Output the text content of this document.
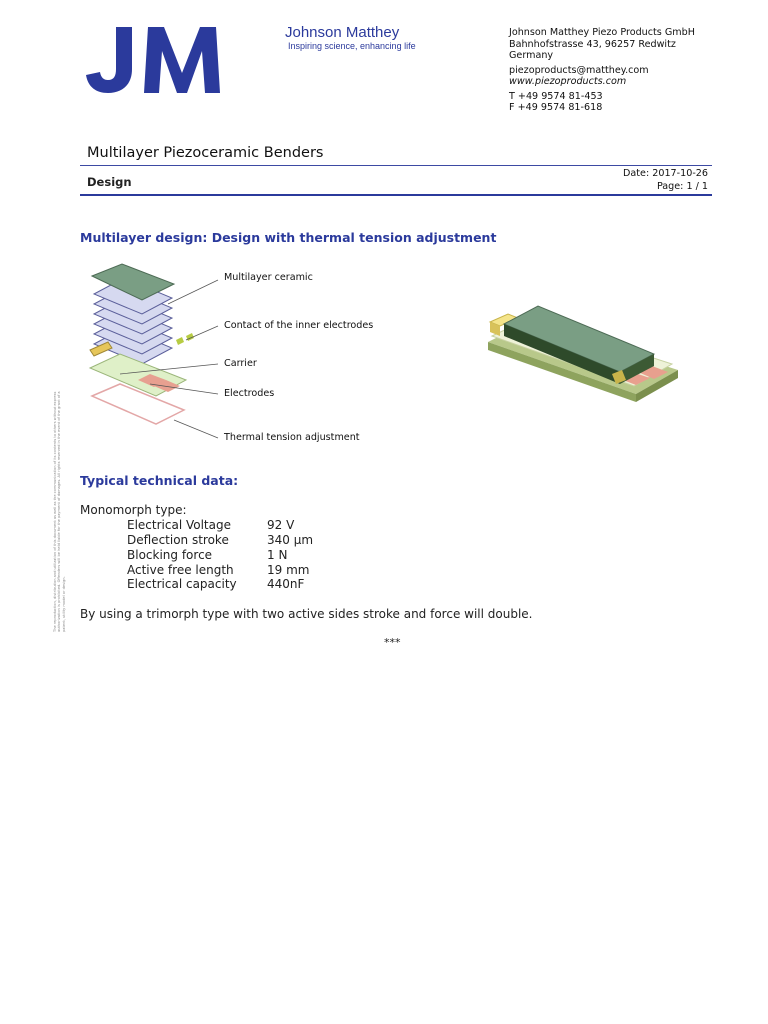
Johnson Matthey
Inspiring science, enhancing life
Johnson Matthey Piezo Products GmbH
Bahnhofstrasse 43, 96257 Redwitz
Germany
piezoproducts@matthey.com
www.piezoproducts.com
T +49 9574 81-453
F +49 9574 81-618
Multilayer Piezoceramic Benders
Design
Date: 2017-10-26
Page: 1 / 1
The reproduction, distribution and utilization of this document as well as the communication of its contents to others without express authorization is prohibited. Offenders will be held liable for the payment of damages. All rights reserved in the event of the grant of a patent, utility model or design.
Multilayer design: Design with thermal tension adjustment
Multilayer ceramic
Contact of the inner electrodes
Carrier
Electrodes
Thermal tension adjustment
Typical technical data:
Monomorph type:
Electrical Voltage	92 V
Deflection stroke	340 µm
Blocking force	1 N
Active free length	19 mm
Electrical capacity	440nF
By using a trimorph type with two active sides stroke and force will double.
***
